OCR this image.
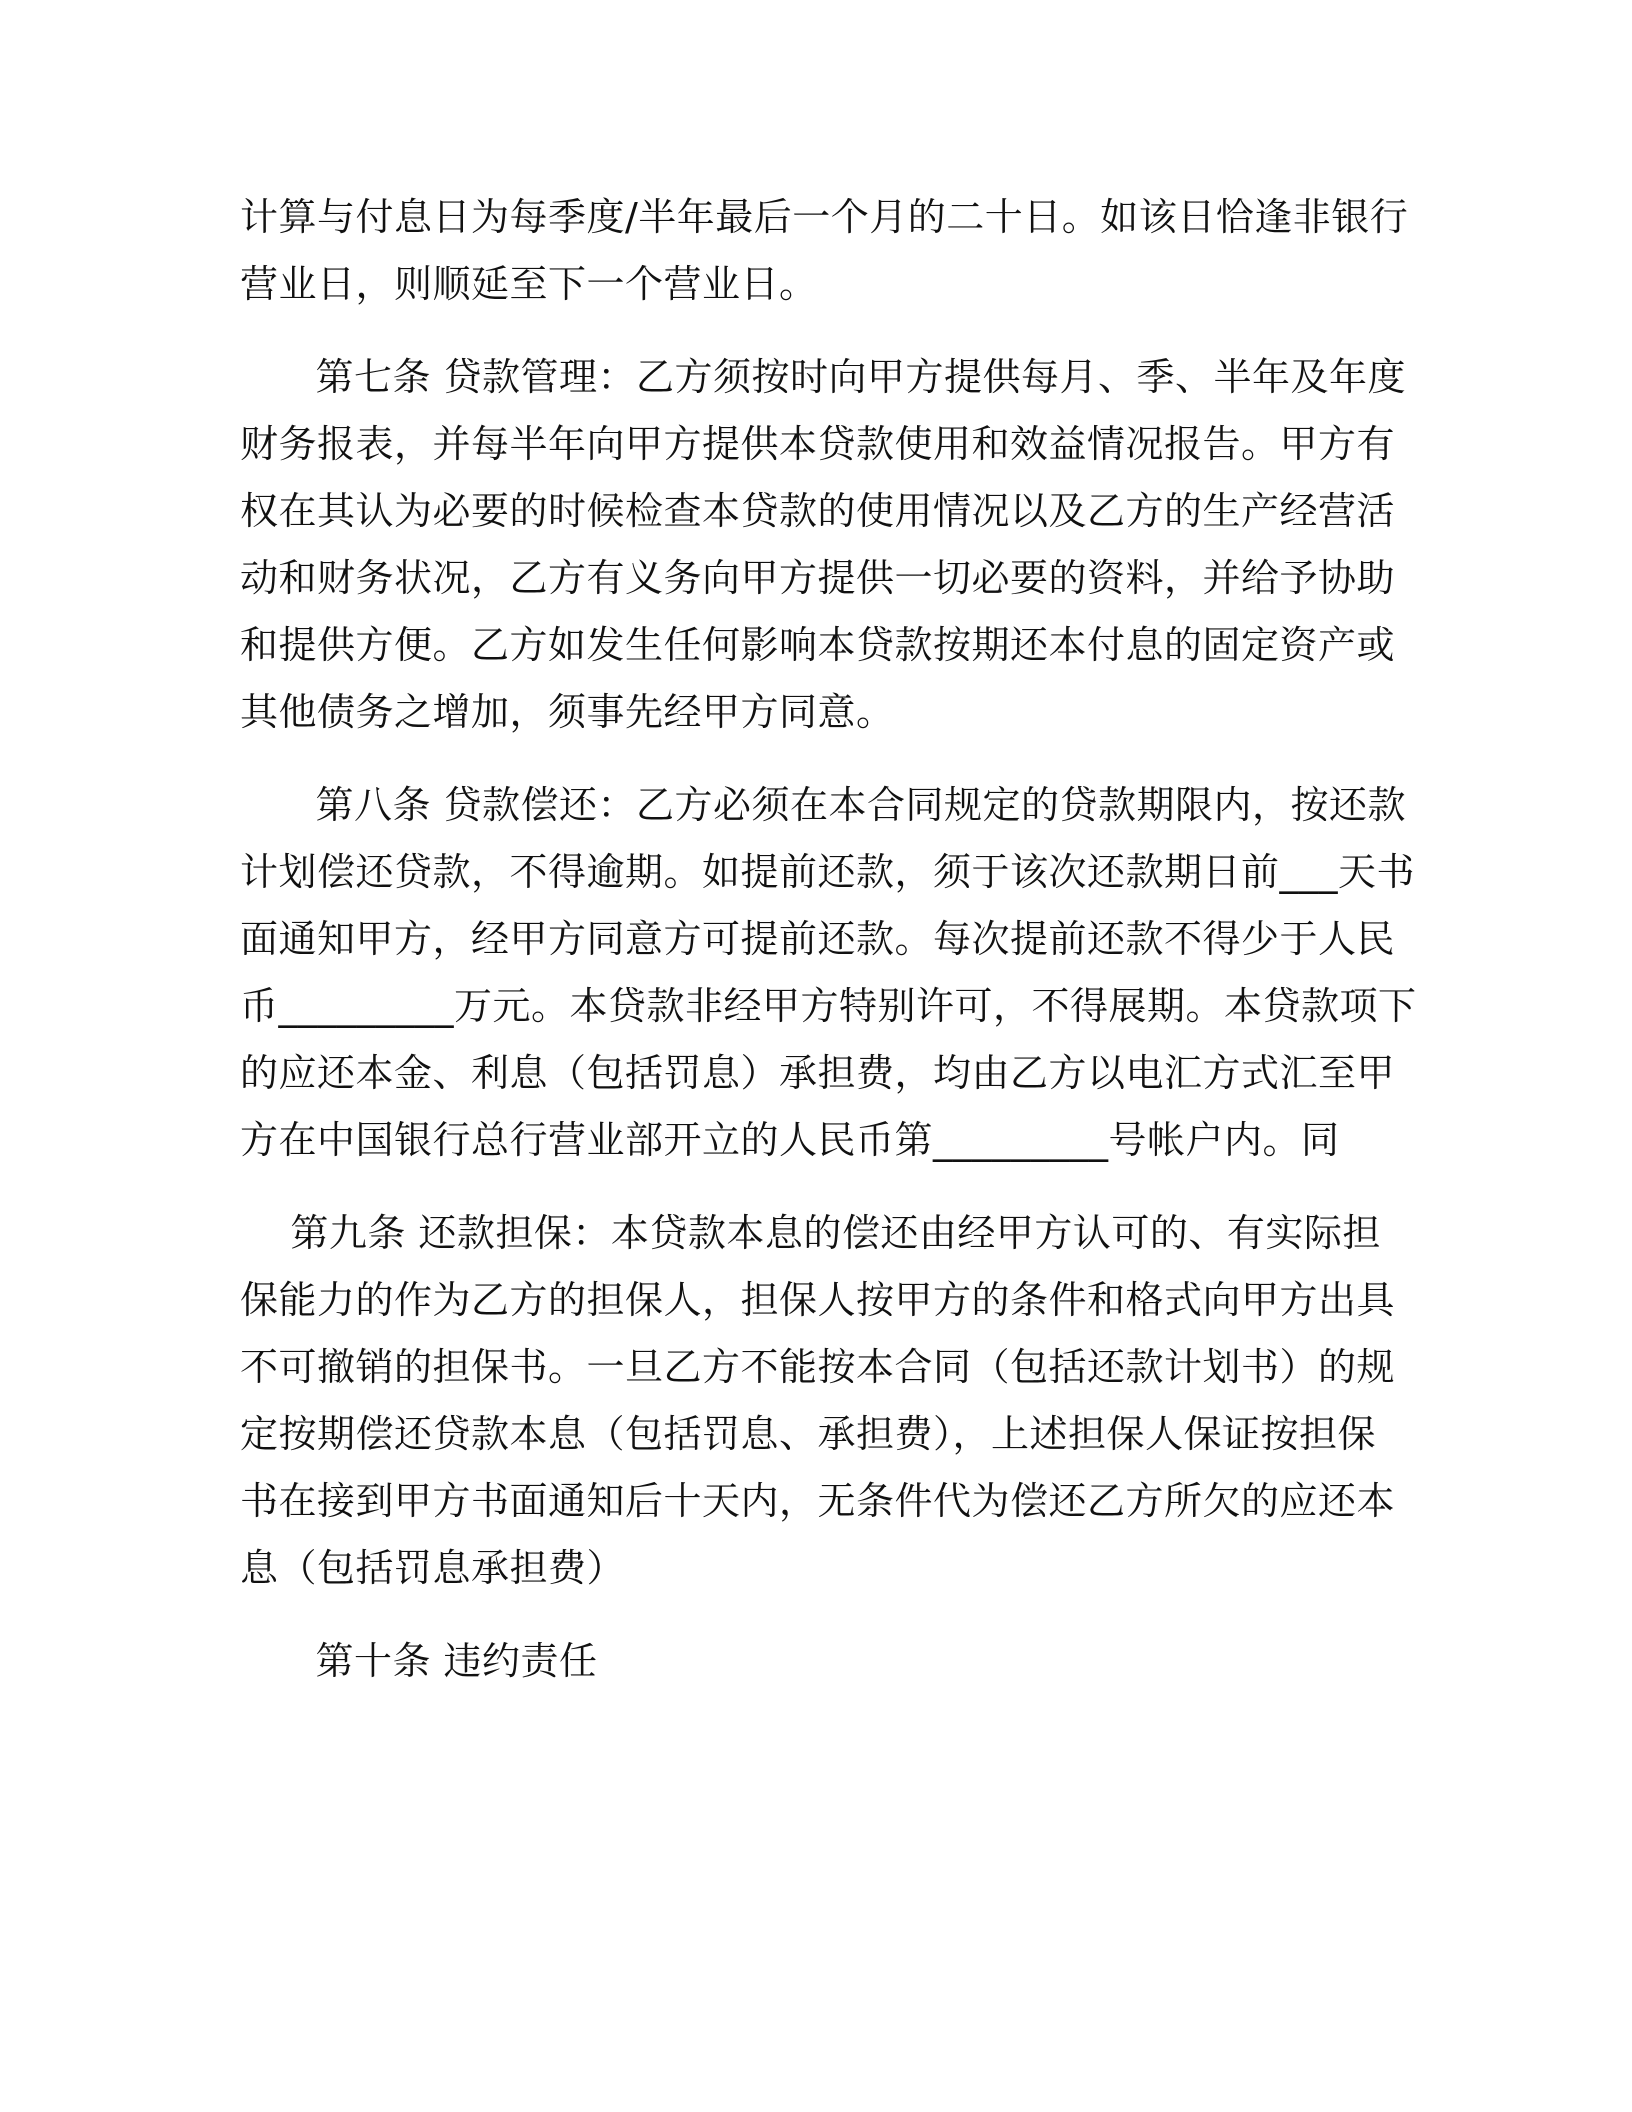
计算与付息日为每季度/半年最后一个月的二十日。如该日恰逢非银行
营业日，则顺延至下一个营业日。
第七条 贷款管理：乙方须按时向甲方提供每月、季、半年及年度
财务报表，并每半年向甲方提供本贷款使用和效益情况报告。甲方有
权在其认为必要的时候检查本贷款的使用情况以及乙方的生产经营活
动和财务状况，乙方有义务向甲方提供一切必要的资料，并给予协助
和提供方便。乙方如发生任何影响本贷款按期还本付息的固定资产或
其他债务之增加，须事先经甲方同意。
第八条 贷款偿还：乙方必须在本合同规定的贷款期限内，按还款
计划偿还贷款，不得逾期。如提前还款，须于该次还款期日前___天书
面通知甲方，经甲方同意方可提前还款。每次提前还款不得少于人民
币_________万元。本贷款非经甲方特别许可，不得展期。本贷款项下
的应还本金、利息（包括罚息）承担费，均由乙方以电汇方式汇至甲
方在中国银行总行营业部开立的人民币第_________号帐户内。同
第九条 还款担保：本贷款本息的偿还由经甲方认可的、有实际担
保能力的作为乙方的担保人，担保人按甲方的条件和格式向甲方出具
不可撤销的担保书。一旦乙方不能按本合同（包括还款计划书）的规
定按期偿还贷款本息（包括罚息、承担费），上述担保人保证按担保
书在接到甲方书面通知后十天内，无条件代为偿还乙方所欠的应还本
息（包括罚息承担费）
第十条 违约责任
